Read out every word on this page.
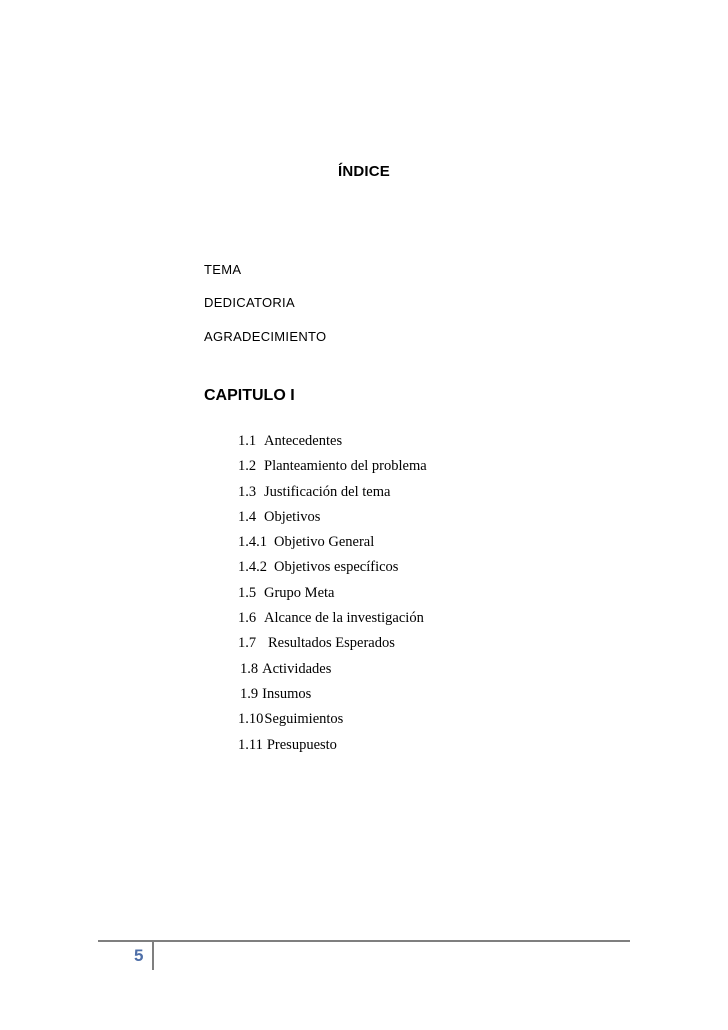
ÍNDICE
TEMA
DEDICATORIA
AGRADECIMIENTO
CAPITULO I
1.1 Antecedentes
1.2 Planteamiento del problema
1.3 Justificación del tema
1.4 Objetivos
1.4.1 Objetivo General
1.4.2 Objetivos específicos
1.5 Grupo Meta
1.6 Alcance de la investigación
1.7 Resultados Esperados
1.8 Actividades
1.9 Insumos
1.10Seguimientos
1.11 Presupuesto
5
